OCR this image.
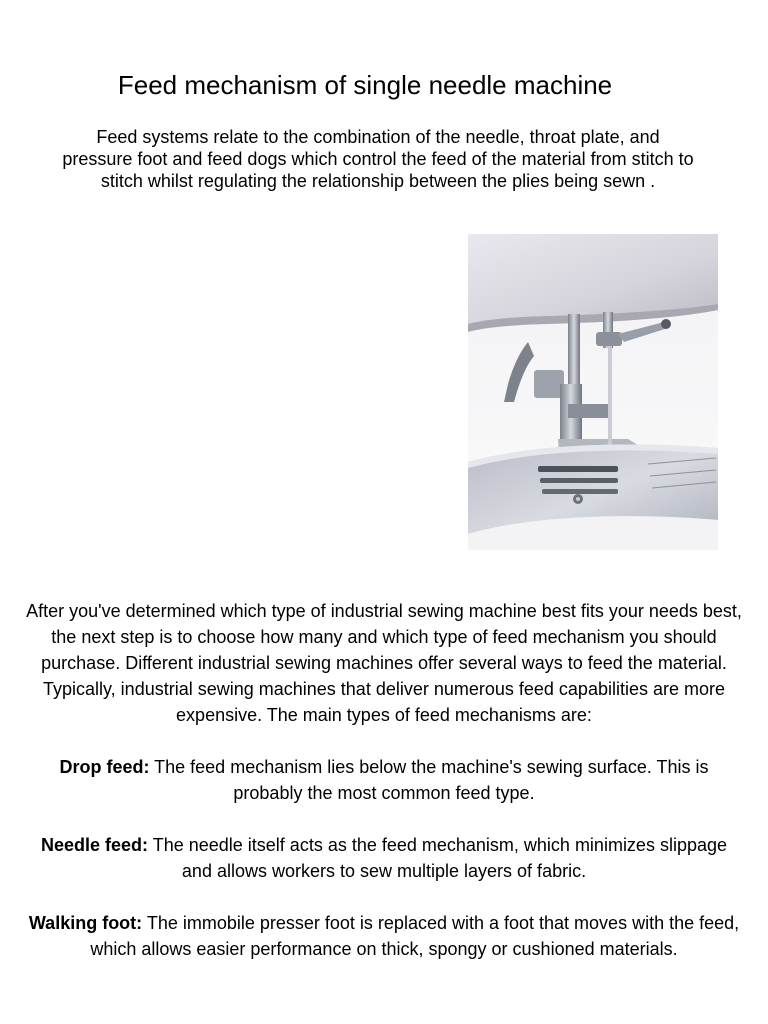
Feed mechanism of single needle machine
Feed systems relate to the combination of the needle, throat plate, and pressure foot and feed dogs which control the feed of the material from stitch to stitch whilst regulating the relationship between the plies being sewn .

After you've determined which type of industrial sewing machine best fits your needs best, the next step is to choose how many and which type of feed mechanism you should purchase. Different industrial sewing machines offer several ways to feed the material. Typically, industrial sewing machines that deliver numerous feed capabilities are more expensive. The main types of feed mechanisms are:

Drop feed: The feed mechanism lies below the machine's sewing surface. This is probably the most common feed type.

Needle feed: The needle itself acts as the feed mechanism, which minimizes slippage and allows workers to sew multiple layers of fabric.

Walking foot: The immobile presser foot is replaced with a foot that moves with the feed, which allows easier performance on thick, spongy or cushioned materials.
